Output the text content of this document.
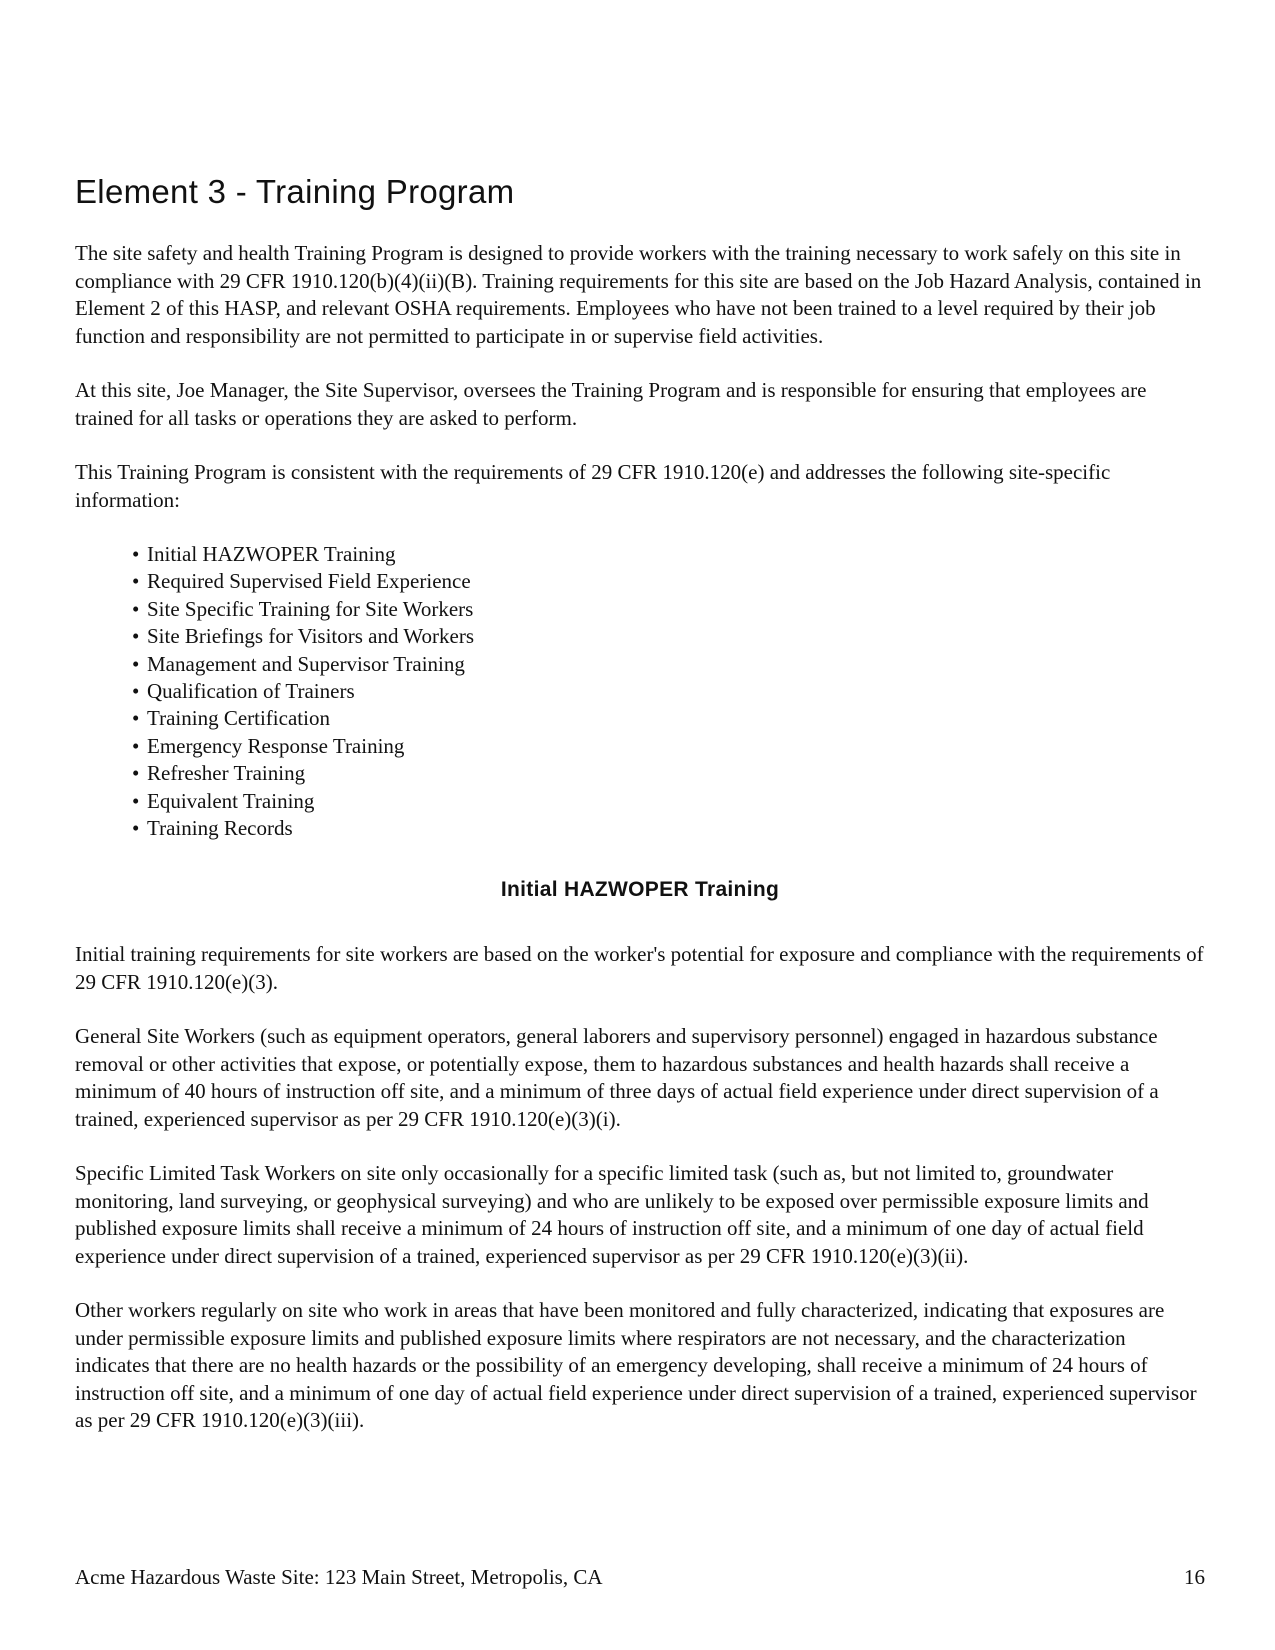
Element 3 - Training Program

The site safety and health Training Program is designed to provide workers with the training necessary to work safely on this site in compliance with 29 CFR 1910.120(b)(4)(ii)(B). Training requirements for this site are based on the Job Hazard Analysis, contained in Element 2 of this HASP, and relevant OSHA requirements. Employees who have not been trained to a level required by their job function and responsibility are not permitted to participate in or supervise field activities.

At this site, Joe Manager, the Site Supervisor, oversees the Training Program and is responsible for ensuring that employees are trained for all tasks or operations they are asked to perform.

This Training Program is consistent with the requirements of 29 CFR 1910.120(e) and addresses the following site-specific information:

• Initial HAZWOPER Training
• Required Supervised Field Experience
• Site Specific Training for Site Workers
• Site Briefings for Visitors and Workers
• Management and Supervisor Training
• Qualification of Trainers
• Training Certification
• Emergency Response Training
• Refresher Training
• Equivalent Training
• Training Records
Initial HAZWOPER Training

Initial training requirements for site workers are based on the worker's potential for exposure and compliance with the requirements of 29 CFR 1910.120(e)(3).

General Site Workers (such as equipment operators, general laborers and supervisory personnel) engaged in hazardous substance removal or other activities that expose, or potentially expose, them to hazardous substances and health hazards shall receive a minimum of 40 hours of instruction off site, and a minimum of three days of actual field experience under direct supervision of a trained, experienced supervisor as per 29 CFR 1910.120(e)(3)(i).

Specific Limited Task Workers on site only occasionally for a specific limited task (such as, but not limited to, groundwater monitoring, land surveying, or geophysical surveying) and who are unlikely to be exposed over permissible exposure limits and published exposure limits shall receive a minimum of 24 hours of instruction off site, and a minimum of one day of actual field experience under direct supervision of a trained, experienced supervisor as per 29 CFR 1910.120(e)(3)(ii).

Other workers regularly on site who work in areas that have been monitored and fully characterized, indicating that exposures are under permissible exposure limits and published exposure limits where respirators are not necessary, and the characterization indicates that there are no health hazards or the possibility of an emergency developing, shall receive a minimum of 24 hours of instruction off site, and a minimum of one day of actual field experience under direct supervision of a trained, experienced supervisor as per 29 CFR 1910.120(e)(3)(iii).

Acme Hazardous Waste Site: 123 Main Street, Metropolis, CA	16
